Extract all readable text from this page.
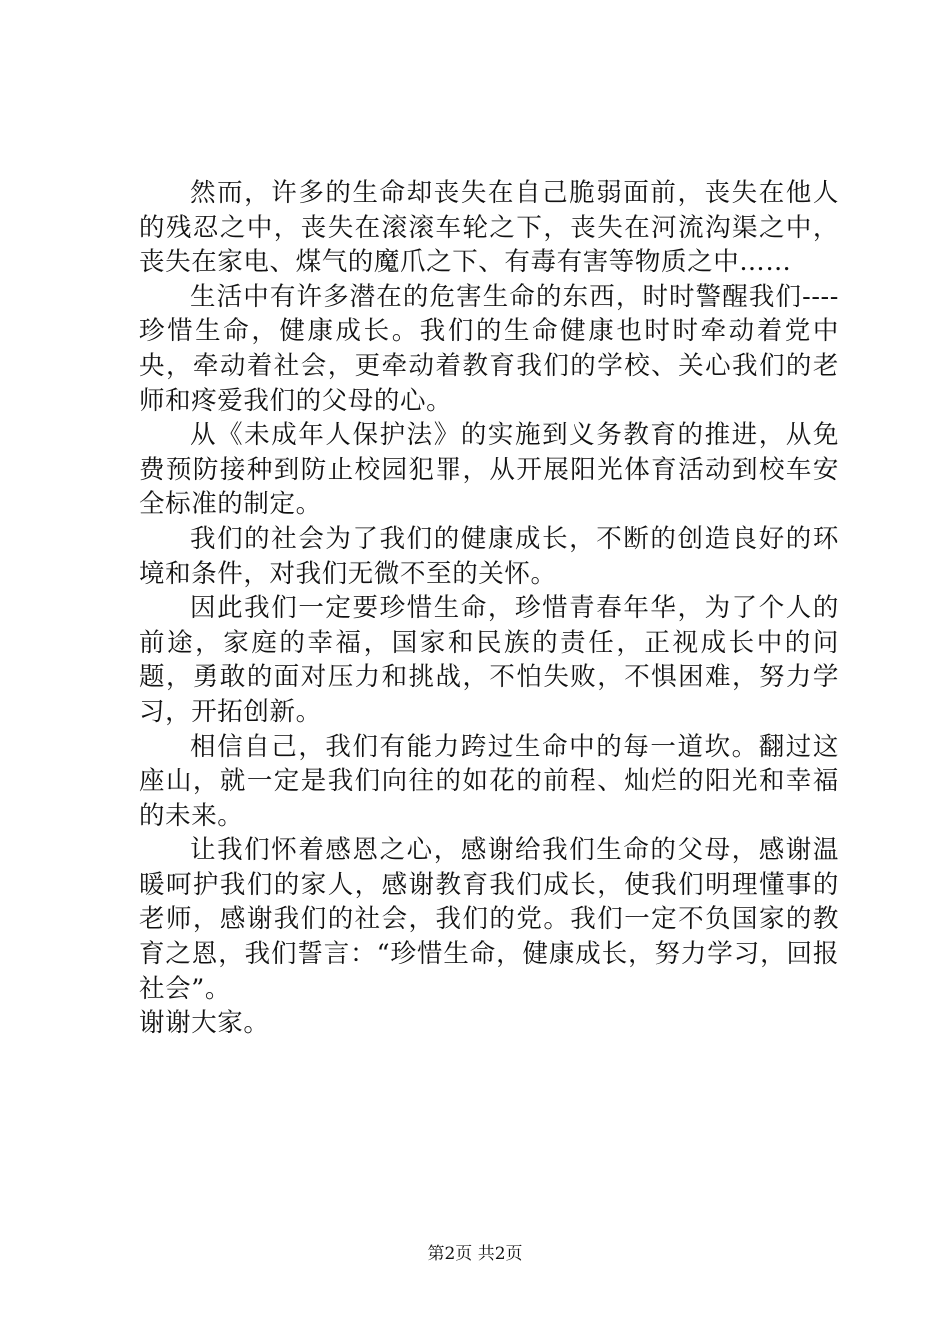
然而，许多的生命却丧失在自己脆弱面前，丧失在他人的残忍之中，丧失在滚滚车轮之下，丧失在河流沟渠之中，丧失在家电、煤气的魔爪之下、有毒有害等物质之中……

生活中有许多潜在的危害生命的东西，时时警醒我们----珍惜生命，健康成长。我们的生命健康也时时牵动着党中央，牵动着社会，更牵动着教育我们的学校、关心我们的老师和疼爱我们的父母的心。

从《未成年人保护法》的实施到义务教育的推进，从免费预防接种到防止校园犯罪，从开展阳光体育活动到校车安全标准的制定。

我们的社会为了我们的健康成长，不断的创造良好的环境和条件，对我们无微不至的关怀。

因此我们一定要珍惜生命，珍惜青春年华，为了个人的前途，家庭的幸福，国家和民族的责任，正视成长中的问题，勇敢的面对压力和挑战，不怕失败，不惧困难，努力学习，开拓创新。

相信自己，我们有能力跨过生命中的每一道坎。翻过这座山，就一定是我们向往的如花的前程、灿烂的阳光和幸福的未来。

让我们怀着感恩之心，感谢给我们生命的父母，感谢温暖呵护我们的家人，感谢教育我们成长，使我们明理懂事的老师，感谢我们的社会，我们的党。我们一定不负国家的教育之恩，我们誓言：“珍惜生命，健康成长，努力学习，回报社会”。

谢谢大家。

第2页 共2页
